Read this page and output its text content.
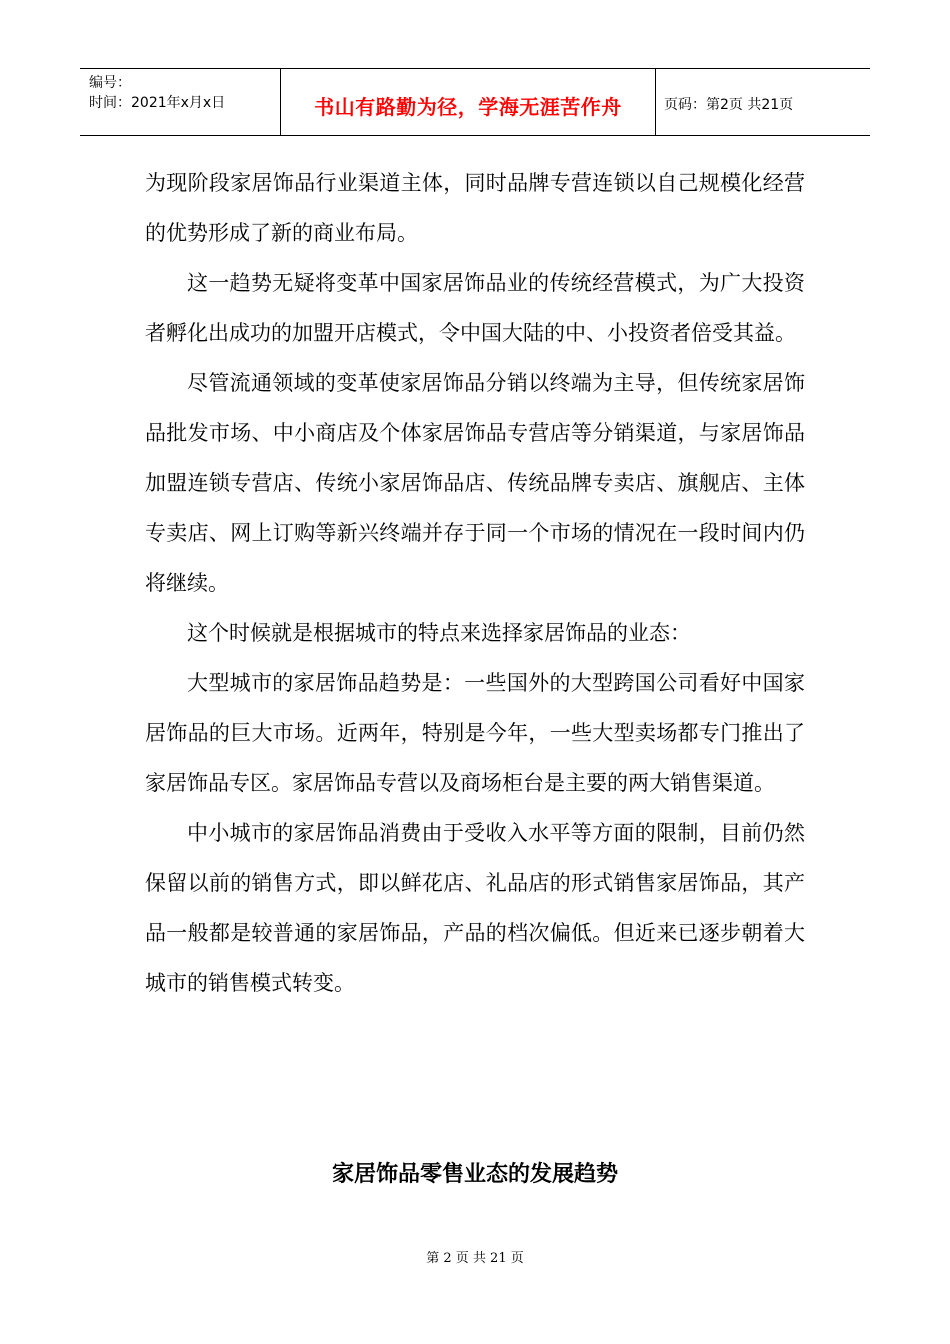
编号：
时间：2021年x月x日	书山有路勤为径，学海无涯苦作舟	页码：第2页 共21页

为现阶段家居饰品行业渠道主体，同时品牌专营连锁以自己规模化经营的优势形成了新的商业布局。

这一趋势无疑将变革中国家居饰品业的传统经营模式，为广大投资者孵化出成功的加盟开店模式，令中国大陆的中、小投资者倍受其益。

尽管流通领域的变革使家居饰品分销以终端为主导，但传统家居饰品批发市场、中小商店及个体家居饰品专营店等分销渠道，与家居饰品加盟连锁专营店、传统小家居饰品店、传统品牌专卖店、旗舰店、主体专卖店、网上订购等新兴终端并存于同一个市场的情况在一段时间内仍将继续。

这个时候就是根据城市的特点来选择家居饰品的业态：

大型城市的家居饰品趋势是：一些国外的大型跨国公司看好中国家居饰品的巨大市场。近两年，特别是今年，一些大型卖场都专门推出了家居饰品专区。家居饰品专营以及商场柜台是主要的两大销售渠道。

中小城市的家居饰品消费由于受收入水平等方面的限制，目前仍然保留以前的销售方式，即以鲜花店、礼品店的形式销售家居饰品，其产品一般都是较普通的家居饰品，产品的档次偏低。但近来已逐步朝着大城市的销售模式转变。

家居饰品零售业态的发展趋势
第 2 页 共 21 页
